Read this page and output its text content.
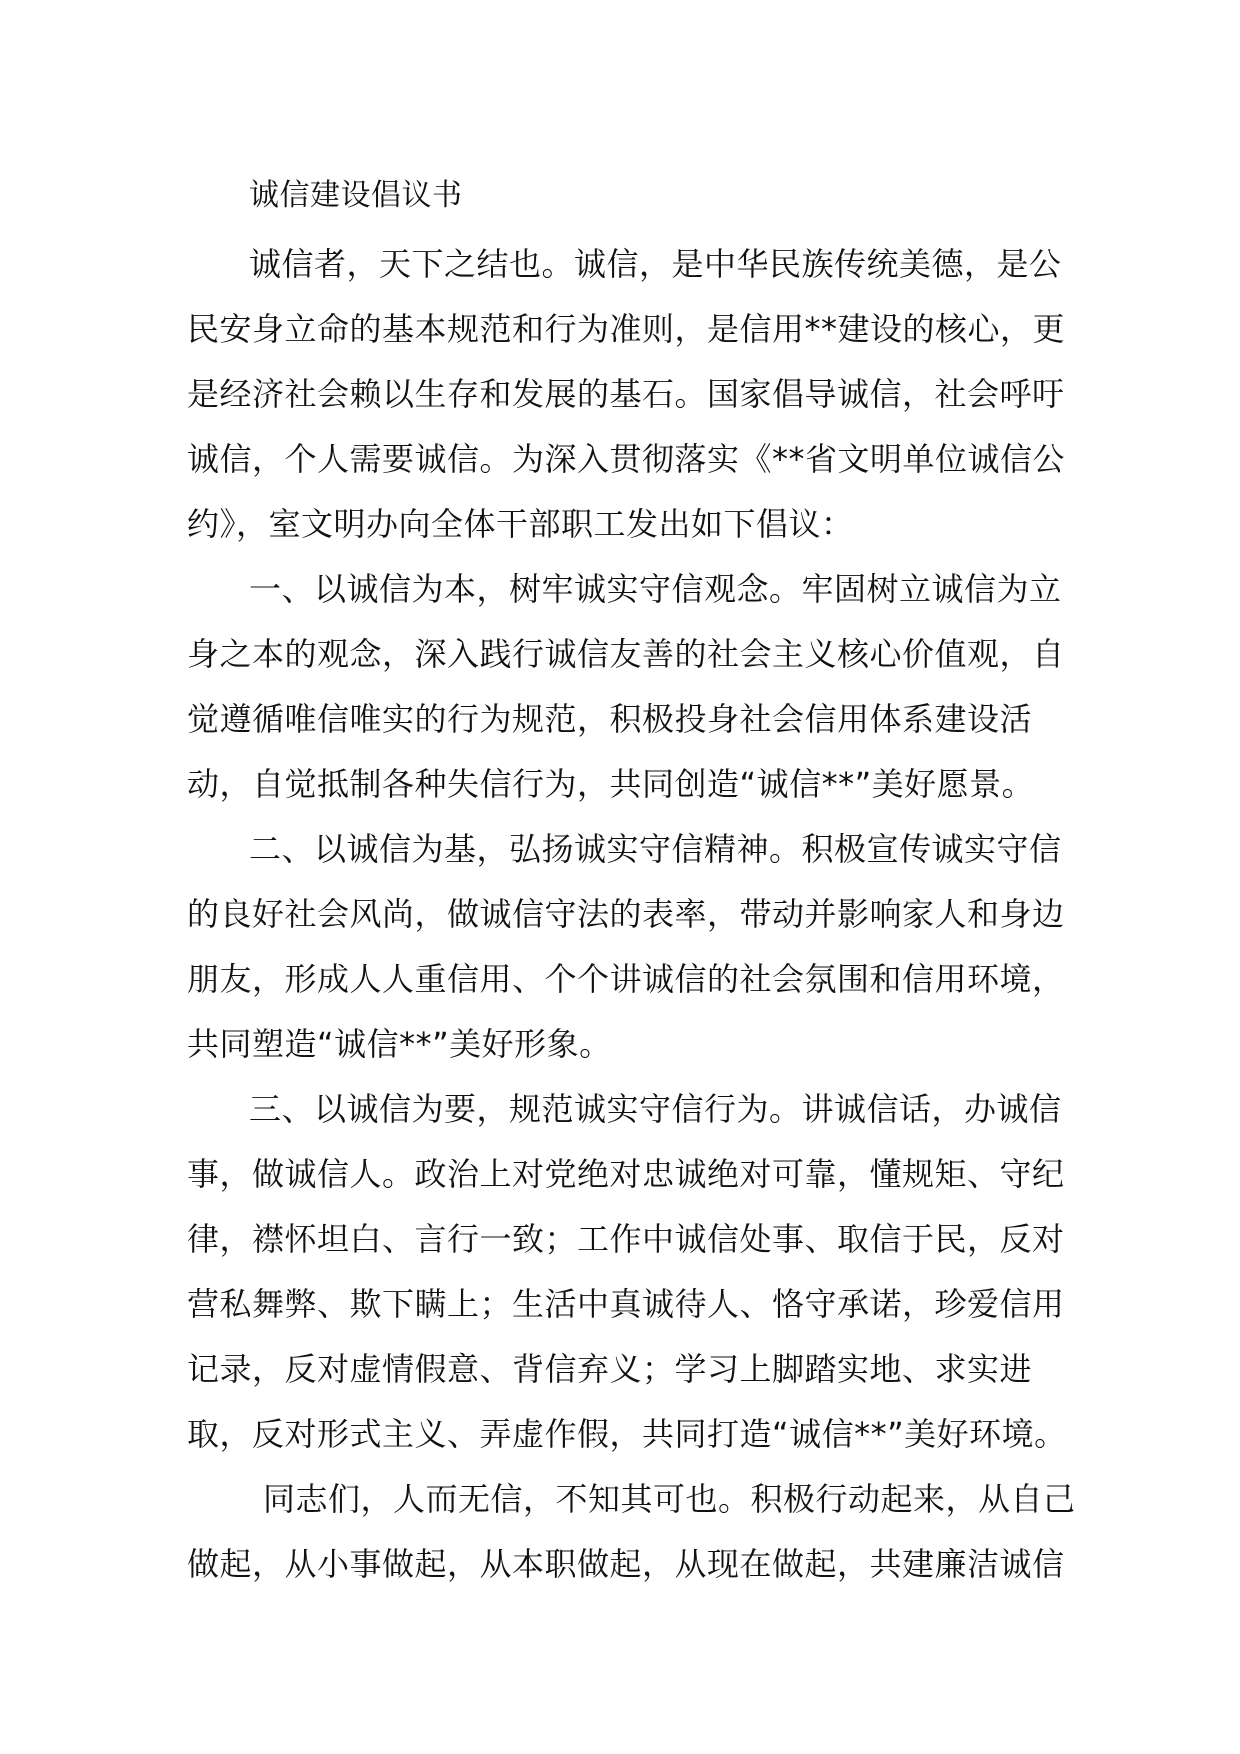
诚信建设倡议书

诚信者，天下之结也。诚信，是中华民族传统美德，是公民安身立命的基本规范和行为准则，是信用**建设的核心，更是经济社会赖以生存和发展的基石。国家倡导诚信，社会呼吁诚信，个人需要诚信。为深入贯彻落实《**省文明单位诚信公约》，室文明办向全体干部职工发出如下倡议：

一、以诚信为本，树牢诚实守信观念。牢固树立诚信为立身之本的观念，深入践行诚信友善的社会主义核心价值观，自觉遵循唯信唯实的行为规范，积极投身社会信用体系建设活动，自觉抵制各种失信行为，共同创造“诚信**”美好愿景。

二、以诚信为基，弘扬诚实守信精神。积极宣传诚实守信的良好社会风尚，做诚信守法的表率，带动并影响家人和身边朋友，形成人人重信用、个个讲诚信的社会氛围和信用环境，共同塑造“诚信**”美好形象。

三、以诚信为要，规范诚实守信行为。讲诚信话，办诚信事，做诚信人。政治上对党绝对忠诚绝对可靠，懂规矩、守纪律，襟怀坦白、言行一致；工作中诚信处事、取信于民，反对营私舞弊、欺下瞒上；生活中真诚待人、恪守承诺，珍爱信用记录，反对虚情假意、背信弃义；学习上脚踏实地、求实进取，反对形式主义、弄虚作假，共同打造“诚信**”美好环境。

同志们，人而无信，不知其可也。积极行动起来，从自己做起，从小事做起，从本职做起，从现在做起，共建廉洁诚信
